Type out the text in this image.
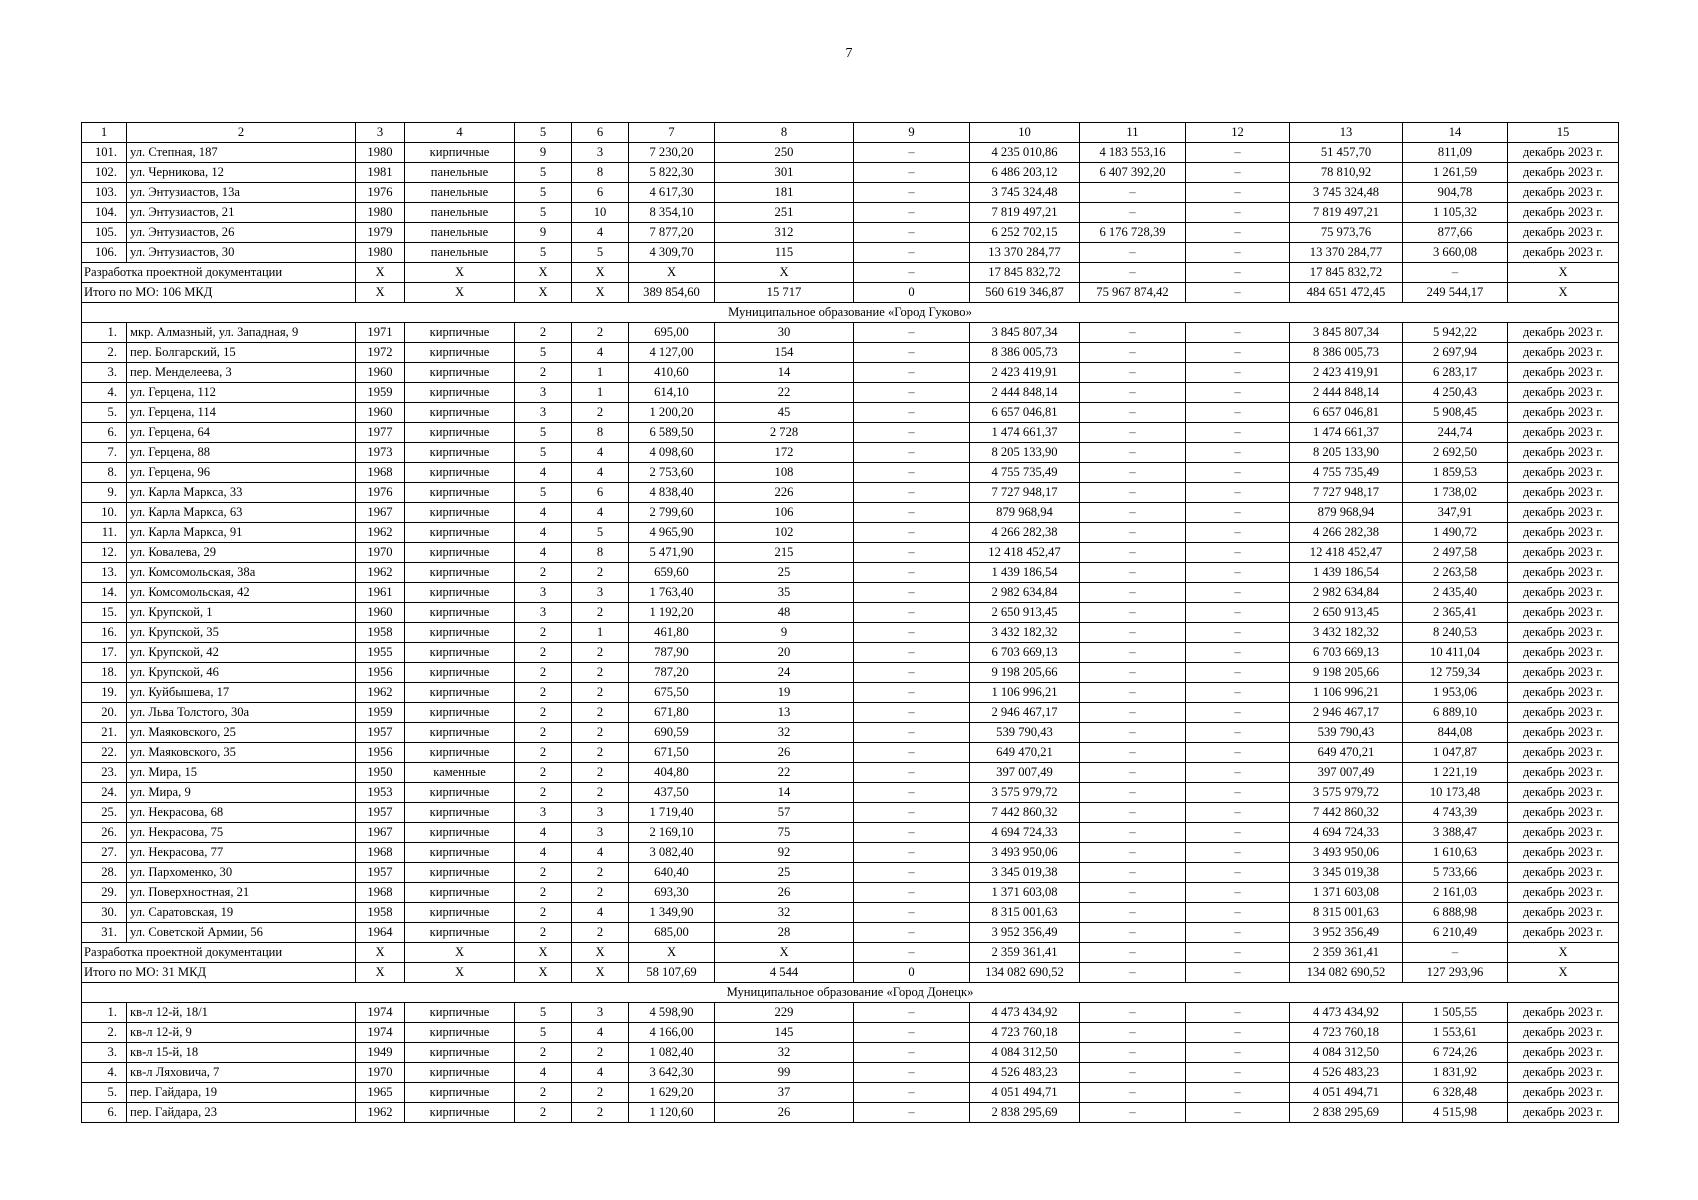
7
1	2	3	4	5	6	7	8	9	10	11	12	13	14	15
101.	ул. Степная, 187	1980	кирпичные	9	3	7 230,20	250	–	4 235 010,86	4 183 553,16	–	51 457,70	811,09	декабрь 2023 г.
102.	ул. Черникова, 12	1981	панельные	5	8	5 822,30	301	–	6 486 203,12	6 407 392,20	–	78 810,92	1 261,59	декабрь 2023 г.
103.	ул. Энтузиастов, 13а	1976	панельные	5	6	4 617,30	181	–	3 745 324,48	–	–	3 745 324,48	904,78	декабрь 2023 г.
104.	ул. Энтузиастов, 21	1980	панельные	5	10	8 354,10	251	–	7 819 497,21	–	–	7 819 497,21	1 105,32	декабрь 2023 г.
105.	ул. Энтузиастов, 26	1979	панельные	9	4	7 877,20	312	–	6 252 702,15	6 176 728,39	–	75 973,76	877,66	декабрь 2023 г.
106.	ул. Энтузиастов, 30	1980	панельные	5	5	4 309,70	115	–	13 370 284,77	–	–	13 370 284,77	3 660,08	декабрь 2023 г.
Разработка проектной документации		X	X	X	X	X	X	–	17 845 832,72	–	–	17 845 832,72	–	X
Итого по МО: 106 МКД		X	X	X	X	389 854,60	15 717	0	560 619 346,87	75 967 874,42	–	484 651 472,45	249 544,17	X
Муниципальное образование «Город Гуково»														
1.	мкр. Алмазный, ул. Западная, 9	1971	кирпичные	2	2	695,00	30	–	3 845 807,34	–	–	3 845 807,34	5 942,22	декабрь 2023 г.
2.	пер. Болгарский, 15	1972	кирпичные	5	4	4 127,00	154	–	8 386 005,73	–	–	8 386 005,73	2 697,94	декабрь 2023 г.
3.	пер. Менделеева, 3	1960	кирпичные	2	1	410,60	14	–	2 423 419,91	–	–	2 423 419,91	6 283,17	декабрь 2023 г.
4.	ул. Герцена, 112	1959	кирпичные	3	1	614,10	22	–	2 444 848,14	–	–	2 444 848,14	4 250,43	декабрь 2023 г.
5.	ул. Герцена, 114	1960	кирпичные	3	2	1 200,20	45	–	6 657 046,81	–	–	6 657 046,81	5 908,45	декабрь 2023 г.
6.	ул. Герцена, 64	1977	кирпичные	5	8	6 589,50	2 728	–	1 474 661,37	–	–	1 474 661,37	244,74	декабрь 2023 г.
7.	ул. Герцена, 88	1973	кирпичные	5	4	4 098,60	172	–	8 205 133,90	–	–	8 205 133,90	2 692,50	декабрь 2023 г.
8.	ул. Герцена, 96	1968	кирпичные	4	4	2 753,60	108	–	4 755 735,49	–	–	4 755 735,49	1 859,53	декабрь 2023 г.
9.	ул. Карла Маркса, 33	1976	кирпичные	5	6	4 838,40	226	–	7 727 948,17	–	–	7 727 948,17	1 738,02	декабрь 2023 г.
10.	ул. Карла Маркса, 63	1967	кирпичные	4	4	2 799,60	106	–	879 968,94	–	–	879 968,94	347,91	декабрь 2023 г.
11.	ул. Карла Маркса, 91	1962	кирпичные	4	5	4 965,90	102	–	4 266 282,38	–	–	4 266 282,38	1 490,72	декабрь 2023 г.
12.	ул. Ковалева, 29	1970	кирпичные	4	8	5 471,90	215	–	12 418 452,47	–	–	12 418 452,47	2 497,58	декабрь 2023 г.
13.	ул. Комсомольская, 38а	1962	кирпичные	2	2	659,60	25	–	1 439 186,54	–	–	1 439 186,54	2 263,58	декабрь 2023 г.
14.	ул. Комсомольская, 42	1961	кирпичные	3	3	1 763,40	35	–	2 982 634,84	–	–	2 982 634,84	2 435,40	декабрь 2023 г.
15.	ул. Крупской, 1	1960	кирпичные	3	2	1 192,20	48	–	2 650 913,45	–	–	2 650 913,45	2 365,41	декабрь 2023 г.
16.	ул. Крупской, 35	1958	кирпичные	2	1	461,80	9	–	3 432 182,32	–	–	3 432 182,32	8 240,53	декабрь 2023 г.
17.	ул. Крупской, 42	1955	кирпичные	2	2	787,90	20	–	6 703 669,13	–	–	6 703 669,13	10 411,04	декабрь 2023 г.
18.	ул. Крупской, 46	1956	кирпичные	2	2	787,20	24	–	9 198 205,66	–	–	9 198 205,66	12 759,34	декабрь 2023 г.
19.	ул. Куйбышева, 17	1962	кирпичные	2	2	675,50	19	–	1 106 996,21	–	–	1 106 996,21	1 953,06	декабрь 2023 г.
20.	ул. Льва Толстого, 30а	1959	кирпичные	2	2	671,80	13	–	2 946 467,17	–	–	2 946 467,17	6 889,10	декабрь 2023 г.
21.	ул. Маяковского, 25	1957	кирпичные	2	2	690,59	32	–	539 790,43	–	–	539 790,43	844,08	декабрь 2023 г.
22.	ул. Маяковского, 35	1956	кирпичные	2	2	671,50	26	–	649 470,21	–	–	649 470,21	1 047,87	декабрь 2023 г.
23.	ул. Мира, 15	1950	каменные	2	2	404,80	22	–	397 007,49	–	–	397 007,49	1 221,19	декабрь 2023 г.
24.	ул. Мира, 9	1953	кирпичные	2	2	437,50	14	–	3 575 979,72	–	–	3 575 979,72	10 173,48	декабрь 2023 г.
25.	ул. Некрасова, 68	1957	кирпичные	3	3	1 719,40	57	–	7 442 860,32	–	–	7 442 860,32	4 743,39	декабрь 2023 г.
26.	ул. Некрасова, 75	1967	кирпичные	4	3	2 169,10	75	–	4 694 724,33	–	–	4 694 724,33	3 388,47	декабрь 2023 г.
27.	ул. Некрасова, 77	1968	кирпичные	4	4	3 082,40	92	–	3 493 950,06	–	–	3 493 950,06	1 610,63	декабрь 2023 г.
28.	ул. Пархоменко, 30	1957	кирпичные	2	2	640,40	25	–	3 345 019,38	–	–	3 345 019,38	5 733,66	декабрь 2023 г.
29.	ул. Поверхностная, 21	1968	кирпичные	2	2	693,30	26	–	1 371 603,08	–	–	1 371 603,08	2 161,03	декабрь 2023 г.
30.	ул. Саратовская, 19	1958	кирпичные	2	4	1 349,90	32	–	8 315 001,63	–	–	8 315 001,63	6 888,98	декабрь 2023 г.
31.	ул. Советской Армии, 56	1964	кирпичные	2	2	685,00	28	–	3 952 356,49	–	–	3 952 356,49	6 210,49	декабрь 2023 г.
Разработка проектной документации		X	X	X	X	X	X	–	2 359 361,41	–	–	2 359 361,41	–	X
Итого по МО: 31 МКД		X	X	X	X	58 107,69	4 544	0	134 082 690,52	–	–	134 082 690,52	127 293,96	X
Муниципальное образование «Город Донецк»														
1.	кв-л 12-й, 18/1	1974	кирпичные	5	3	4 598,90	229	–	4 473 434,92	–	–	4 473 434,92	1 505,55	декабрь 2023 г.
2.	кв-л 12-й, 9	1974	кирпичные	5	4	4 166,00	145	–	4 723 760,18	–	–	4 723 760,18	1 553,61	декабрь 2023 г.
3.	кв-л 15-й, 18	1949	кирпичные	2	2	1 082,40	32	–	4 084 312,50	–	–	4 084 312,50	6 724,26	декабрь 2023 г.
4.	кв-л Ляховича, 7	1970	кирпичные	4	4	3 642,30	99	–	4 526 483,23	–	–	4 526 483,23	1 831,92	декабрь 2023 г.
5.	пер. Гайдара, 19	1965	кирпичные	2	2	1 629,20	37	–	4 051 494,71	–	–	4 051 494,71	6 328,48	декабрь 2023 г.
6.	пер. Гайдара, 23	1962	кирпичные	2	2	1 120,60	26	–	2 838 295,69	–	–	2 838 295,69	4 515,98	декабрь 2023 г.
